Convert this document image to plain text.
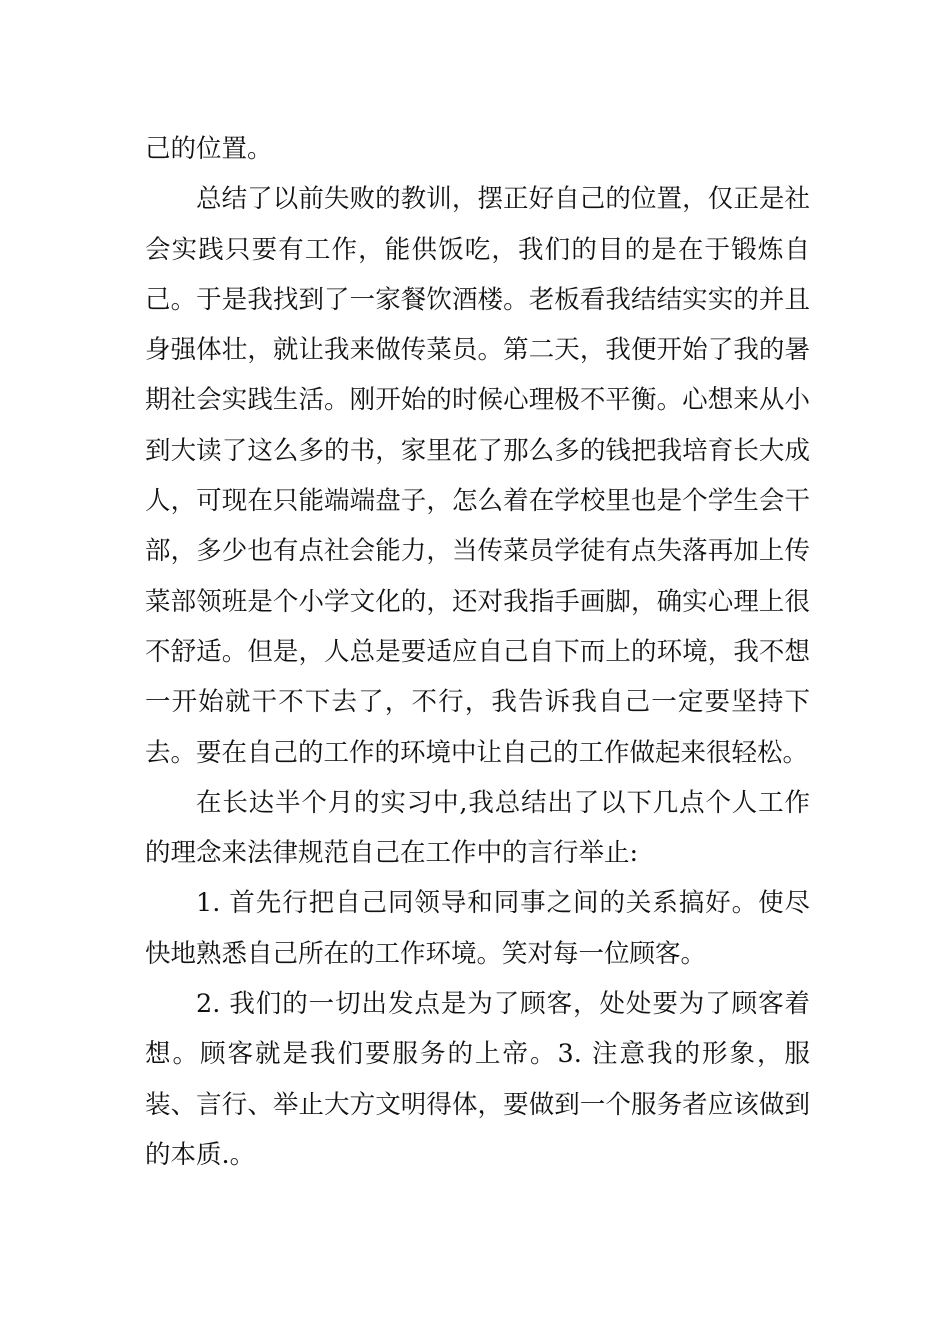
己的位置。

总结了以前失败的教训，摆正好自己的位置，仅正是社会实践只要有工作，能供饭吃，我们的目的是在于锻炼自己。于是我找到了一家餐饮酒楼。老板看我结结实实的并且身强体壮，就让我来做传菜员。第二天，我便开始了我的暑期社会实践生活。刚开始的时候心理极不平衡。心想来从小到大读了这么多的书，家里花了那么多的钱把我培育长大成人，可现在只能端端盘子，怎么着在学校里也是个学生会干部，多少也有点社会能力，当传菜员学徒有点失落再加上传菜部领班是个小学文化的，还对我指手画脚，确实心理上很不舒适。但是，人总是要适应自己自下而上的环境，我不想一开始就干不下去了，不行，我告诉我自己一定要坚持下去。要在自己的工作的环境中让自己的工作做起来很轻松。

在长达半个月的实习中,我总结出了以下几点个人工作的理念来法律规范自己在工作中的言行举止:

1. 首先行把自己同领导和同事之间的关系搞好。使尽快地熟悉自己所在的工作环境。笑对每一位顾客。

2. 我们的一切出发点是为了顾客，处处要为了顾客着想。顾客就是我们要服务的上帝。3. 注意我的形象，服装、言行、举止大方文明得体，要做到一个服务者应该做到的本质.。
